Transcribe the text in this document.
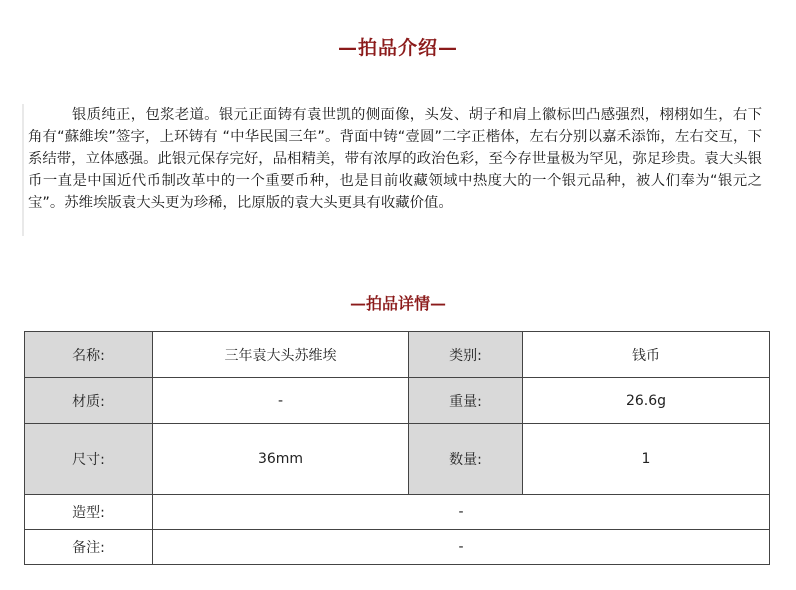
—拍品介绍—

银质纯正，包浆老道。银元正面铸有袁世凯的侧面像，头发、胡子和肩上徽标凹凸感强烈，栩栩如生，右下角有“蘇維埃”签字，上环铸有 “中华民国三年”。背面中铸“壹圆”二字正楷体，左右分别以嘉禾添饰，左右交互，下系结带，立体感强。此银元保存完好，品相精美，带有浓厚的政治色彩，至今存世量极为罕见，弥足珍贵。袁大头银币一直是中国近代币制改革中的一个重要币种，也是目前收藏领域中热度大的一个银元品种，被人们奉为“银元之宝”。苏维埃版袁大头更为珍稀，比原版的袁大头更具有收藏价值。

—拍品详情—
名称:	三年袁大头苏维埃	类别:	钱币
材质:	-	重量:	26.6g
尺寸:	36mm	数量:	1
造型:	-		
备注:	-		
